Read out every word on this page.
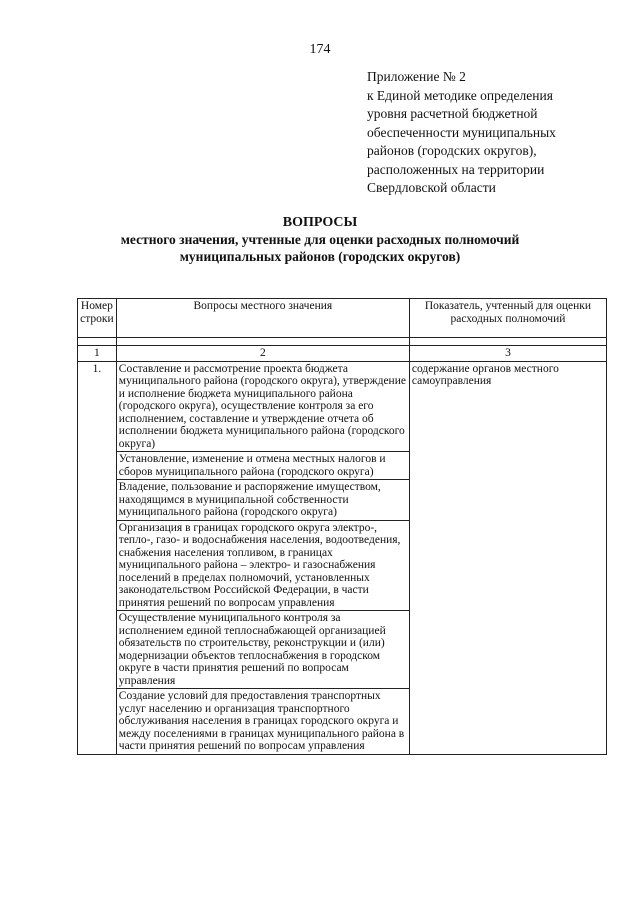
174
Приложение № 2
к Единой методике определения
уровня расчетной бюджетной
обеспеченности муниципальных
районов (городских округов),
расположенных на территории
Свердловской области
ВОПРОСЫ
местного значения, учтенные для оценки расходных полномочий
муниципальных районов (городских округов)
Номер строки	Вопросы местного значения	Показатель, учтенный для оценки расходных полномочий

1	2	3
1.	Составление и рассмотрение проекта бюджета муниципального района (городского округа), утверждение и исполнение бюджета муниципального района (городского округа), осуществление контроля за его исполнением, составление и утверждение отчета об исполнении бюджета муниципального района (городского округа)	содержание органов местного самоуправления
	Установление, изменение и отмена местных налогов и сборов муниципального района (городского округа)	
	Владение, пользование и распоряжение имуществом, находящимся в муниципальной собственности муниципального района (городского округа)	
	Организация в границах городского округа электро-, тепло-, газо- и водоснабжения населения, водоотведения, снабжения населения топливом, в границах муниципального района – электро- и газоснабжения поселений в пределах полномочий, установленных законодательством Российской Федерации, в части принятия решений по вопросам управления	
	Осуществление муниципального контроля за исполнением единой теплоснабжающей организацией обязательств по строительству, реконструкции и (или) модернизации объектов теплоснабжения в городском округе в части принятия решений по вопросам управления	
	Создание условий для предоставления транспортных услуг населению и организация транспортного обслуживания населения в границах городского округа и между поселениями в границах муниципального района в части принятия решений по вопросам управления	
